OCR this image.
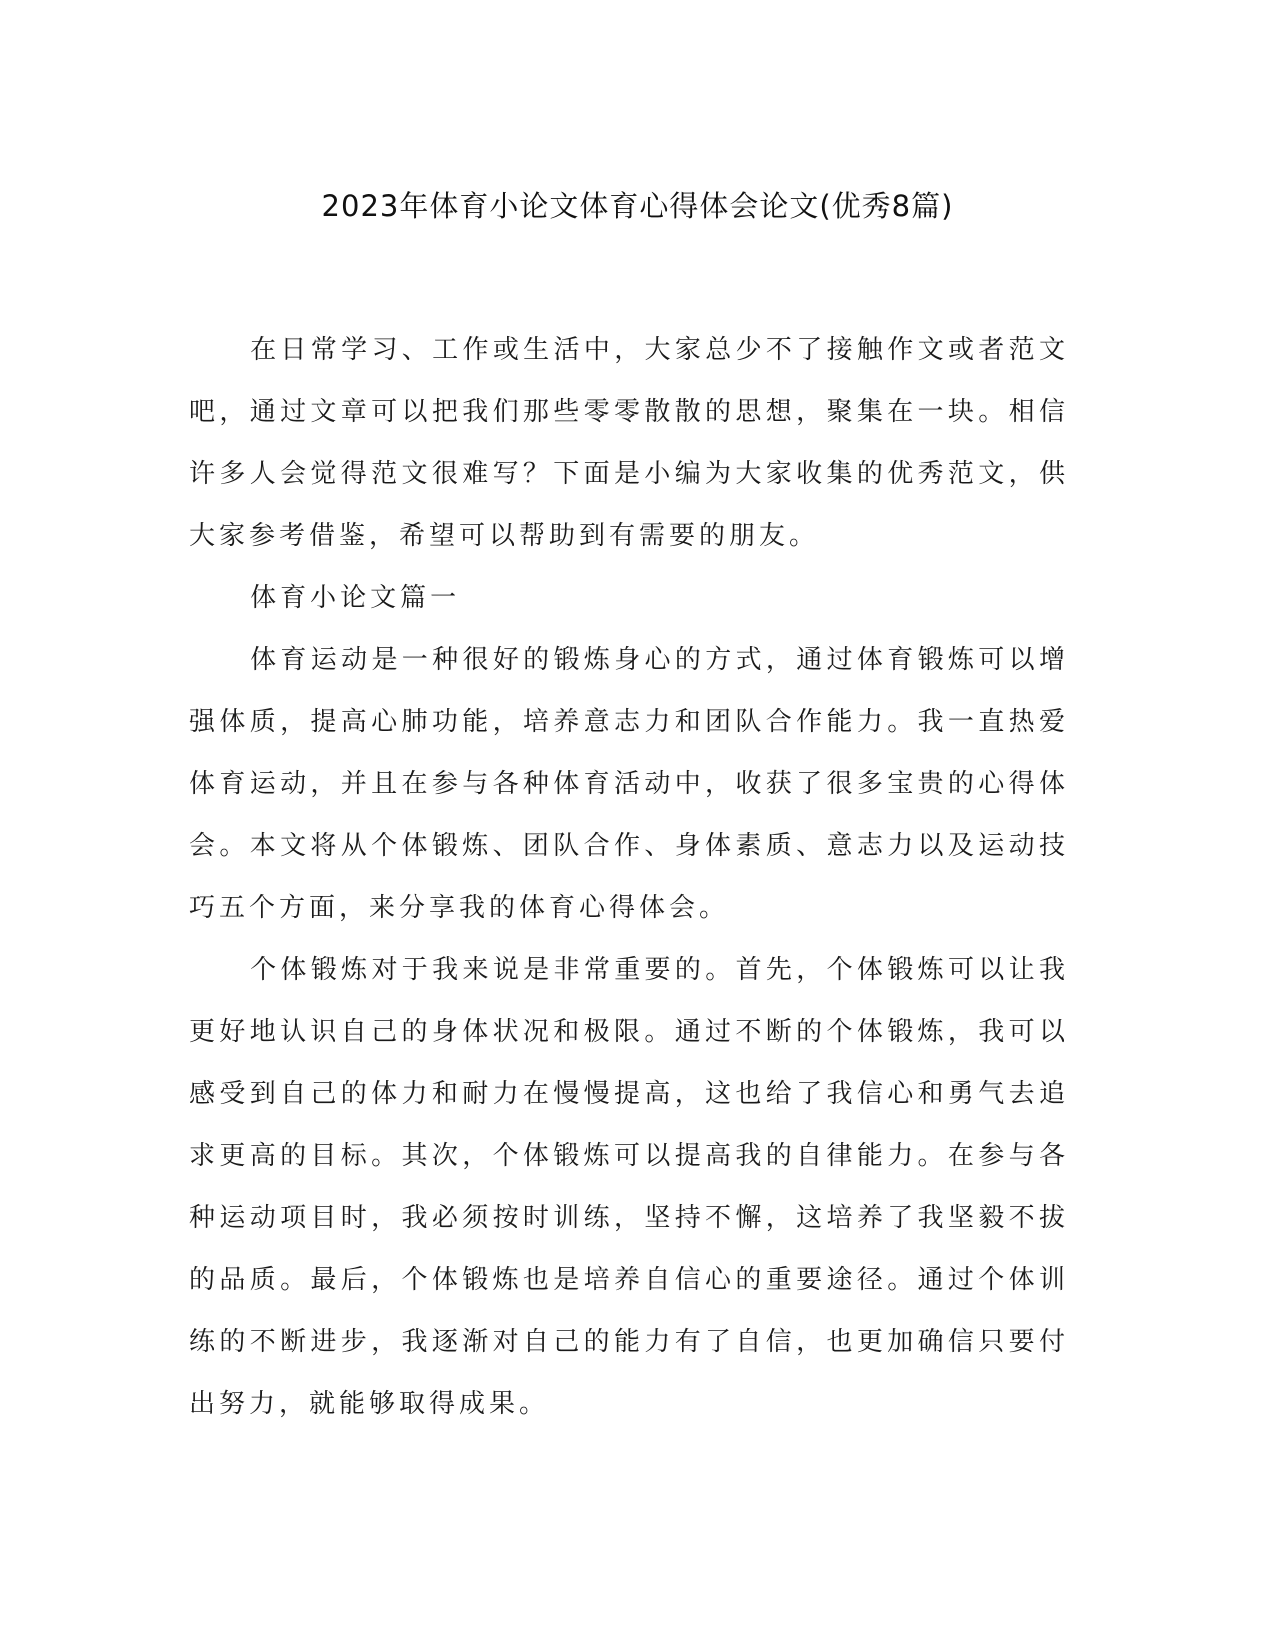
2023年体育小论文体育心得体会论文(优秀8篇)

在日常学习、工作或生活中，大家总少不了接触作文或者范文吧，通过文章可以把我们那些零零散散的思想，聚集在一块。相信许多人会觉得范文很难写？下面是小编为大家收集的优秀范文，供大家参考借鉴，希望可以帮助到有需要的朋友。

体育小论文篇一

体育运动是一种很好的锻炼身心的方式，通过体育锻炼可以增强体质，提高心肺功能，培养意志力和团队合作能力。我一直热爱体育运动，并且在参与各种体育活动中，收获了很多宝贵的心得体会。本文将从个体锻炼、团队合作、身体素质、意志力以及运动技巧五个方面，来分享我的体育心得体会。

个体锻炼对于我来说是非常重要的。首先，个体锻炼可以让我更好地认识自己的身体状况和极限。通过不断的个体锻炼，我可以感受到自己的体力和耐力在慢慢提高，这也给了我信心和勇气去追求更高的目标。其次，个体锻炼可以提高我的自律能力。在参与各种运动项目时，我必须按时训练，坚持不懈，这培养了我坚毅不拔的品质。最后，个体锻炼也是培养自信心的重要途径。通过个体训练的不断进步，我逐渐对自己的能力有了自信，也更加确信只要付出努力，就能够取得成果。
